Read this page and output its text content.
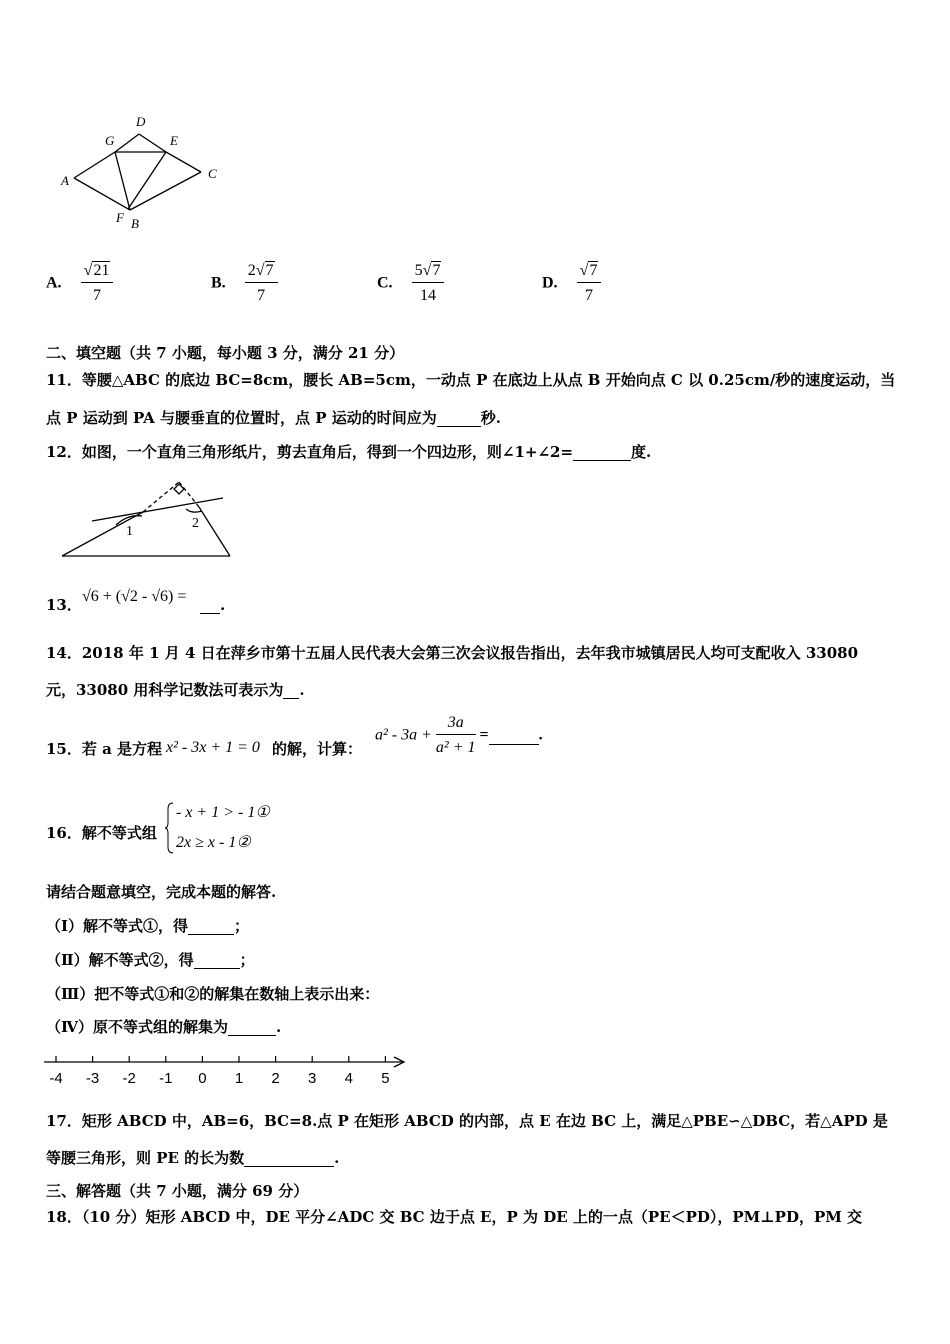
D
G	E
A	C
F B
A. $\frac{√21}{7}$	B. $\frac{2√7}{7}$	C. $\frac{5√7}{14}$	D. $\frac{√7}{7}$
二、填空题（共 7 小题，每小题 3 分，满分 21 分）
11．等腰△ABC 的底边 BC=8cm，腰长 AB=5cm，一动点 P 在底边上从点 B 开始向点 C 以 0.25cm/秒的速度运动，当
点 P 运动到 PA 与腰垂直的位置时，点 P 运动的时间应为	秒.
12．如图，一个直角三角形纸片，剪去直角后，得到一个四边形，则∠1+∠2=	度.
1
2
13． √6 + (√2 - √6) =	.
14．2018 年 1 月 4 日在萍乡市第十五届人民代表大会第三次会议报告指出，去年我市城镇居民人均可支配收入 33080
元，33080 用科学记数法可表示为 .
15．若 a 是方程 x² - 3x + 1 = 0 的解，计算：
$a^2 - 3a + \frac{3a}{\text{a² + 1}}$ =	.
16．解不等式组
- x + 1 > - 1①
2x ≥ x - 1②
请结合题意填空，完成本题的解答.
（Ⅰ）解不等式①，得	；
（Ⅱ）解不等式②，得	；
（Ⅲ）把不等式①和②的解集在数轴上表示出来：
（Ⅳ）原不等式组的解集为	.
-4 -3 -2 -1 0 1 2 3 4 5
17．矩形 ABCD 中，AB=6，BC=8.点 P 在矩形 ABCD 的内部，点 E 在边 BC 上，满足△PBE∽△DBC，若△APD 是
等腰三角形，则 PE 的长为数	.
三、解答题（共 7 小题，满分 69 分）
18．（10 分）矩形 ABCD 中，DE 平分∠ADC 交 BC 边于点 E，P 为 DE 上的一点（PE＜PD），PM⊥PD，PM 交
